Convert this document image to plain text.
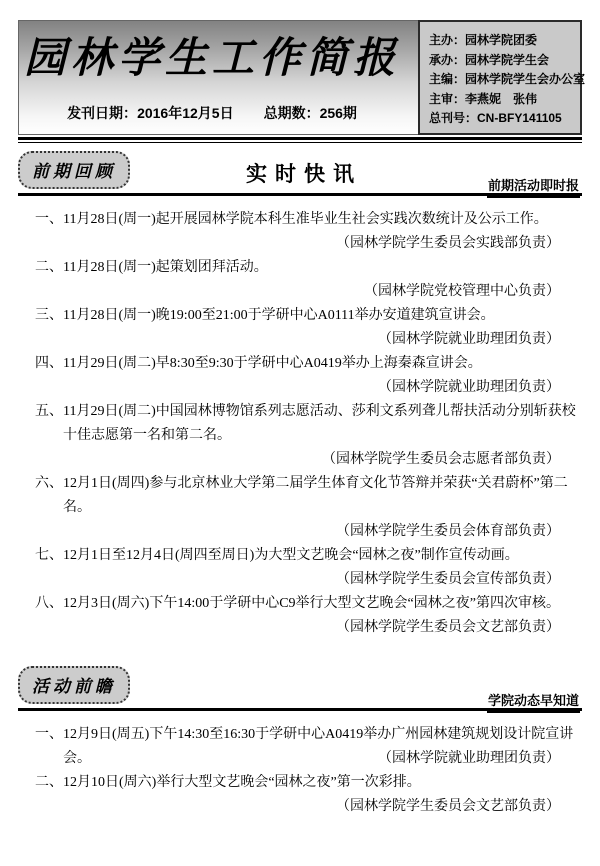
园林学生工作简报
发刊日期：2016年12月5日 总期数：256期
主办：园林学院团委
承办：园林学院学生会
主编：园林学院学生会办公室
主审：李燕妮　张伟
总刊号：CN-BFY141105
前期回顾	实时快讯	前期活动即时报

一、11月28日(周一)起开展园林学院本科生准毕业生社会实践次数统计及公示工作。

（园林学院学生委员会实践部负责）

二、11月28日(周一)起策划团拜活动。

（园林学院党校管理中心负责）

三、11月28日(周一)晚19:00至21:00于学研中心A0111举办安道建筑宣讲会。

（园林学院就业助理团负责）

四、11月29日(周二)早8:30至9:30于学研中心A0419举办上海秦森宣讲会。

（园林学院就业助理团负责）

五、11月29日(周二)中国园林博物馆系列志愿活动、莎利文系列聋儿帮扶活动分别斩获校十佳志愿第一名和第二名。

（园林学院学生委员会志愿者部负责）

六、12月1日(周四)参与北京林业大学第二届学生体育文化节答辩并荣获“关君蔚杯”第二名。

（园林学院学生委员会体育部负责）

七、12月1日至12月4日(周四至周日)为大型文艺晚会“园林之夜”制作宣传动画。

（园林学院学生委员会宣传部负责）

八、12月3日(周六)下午14:00于学研中心C9举行大型文艺晚会“园林之夜”第四次审核。

（园林学院学生委员会文艺部负责）

活动前瞻
学院动态早知道

一、12月9日(周五)下午14:30至16:30于学研中心A0419举办广州园林建筑规划设计院宣讲会。	（园林学院就业助理团负责）

二、12月10日(周六)举行大型文艺晚会“园林之夜”第一次彩排。

（园林学院学生委员会文艺部负责）
